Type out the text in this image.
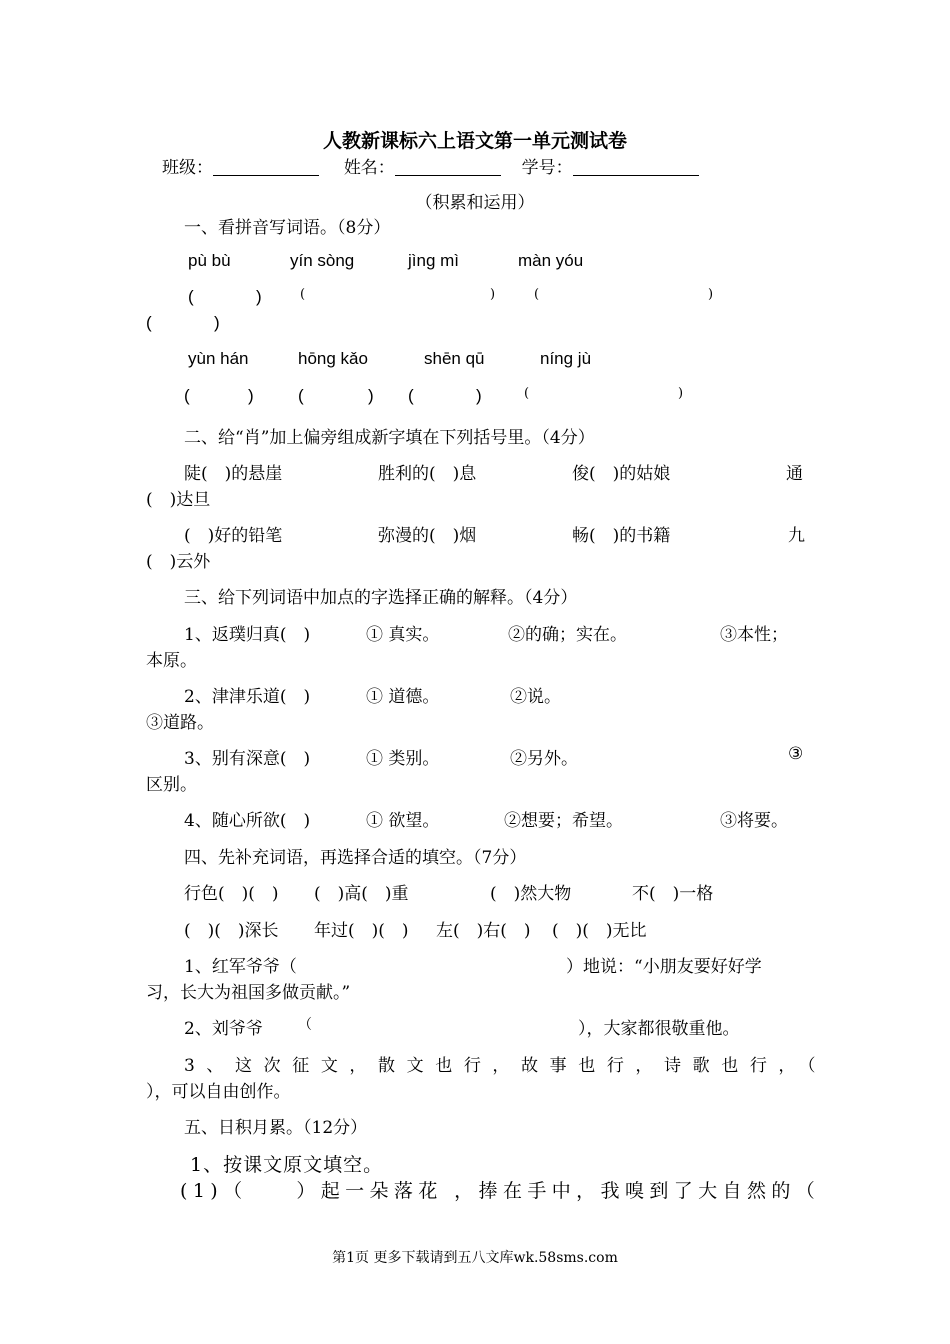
人教新课标六上语文第一单元测试卷
班级：	姓名：	学号：
（积累和运用）
一、看拼音写词语。（8分）
pù bù	yín sònɡ	jìnɡ mì	màn yóu
(	)	(	)	(	)
(	)
yùn hán	hōnɡ kǎo	shēn qū	nínɡ jù
(	)	(	) (	)	(	)
二、给“肖”加上偏旁组成新字填在下列括号里。（4分）
陡(　)的悬崖	胜利的(　)息	俊(　)的姑娘	通
(　)达旦
(　)好的铅笔	弥漫的(　)烟	畅(　)的书籍	九
(　)云外
三、给下列词语中加点的字选择正确的解释。（4分）
1、返璞归真(　)	① 真实。	②的确；实在。	③本性；
本原。
2、津津乐道(　)	① 道德。	②说。
③道路。
3、别有深意(　)	① 类别。	②另外。	③
区别。
4、随心所欲(　)	① 欲望。	②想要；希望。	③将要。
四、先补充词语，再选择合适的填空。（7分）
行色(　)(　) (　)高(　)重	(　)然大物	不(　)一格
(　)(　)深长 年过(　)(　) 左(　)右(　) (　)(　)无比
1、红军爷爷（	）地说：“小朋友要好好学
习，长大为祖国多做贡献。”
2、刘爷爷	（	），大家都很敬重他。
3、这次征文，散文也行，故事也行，诗歌也行，（
），可以自由创作。
五、日积月累。（12分）
1、按课文原文填空。
(1)（　　）起一朵落花 ，捧在手中，我嗅到了大自然的（
第1页 更多下载请到五八文库wk.58sms.com
